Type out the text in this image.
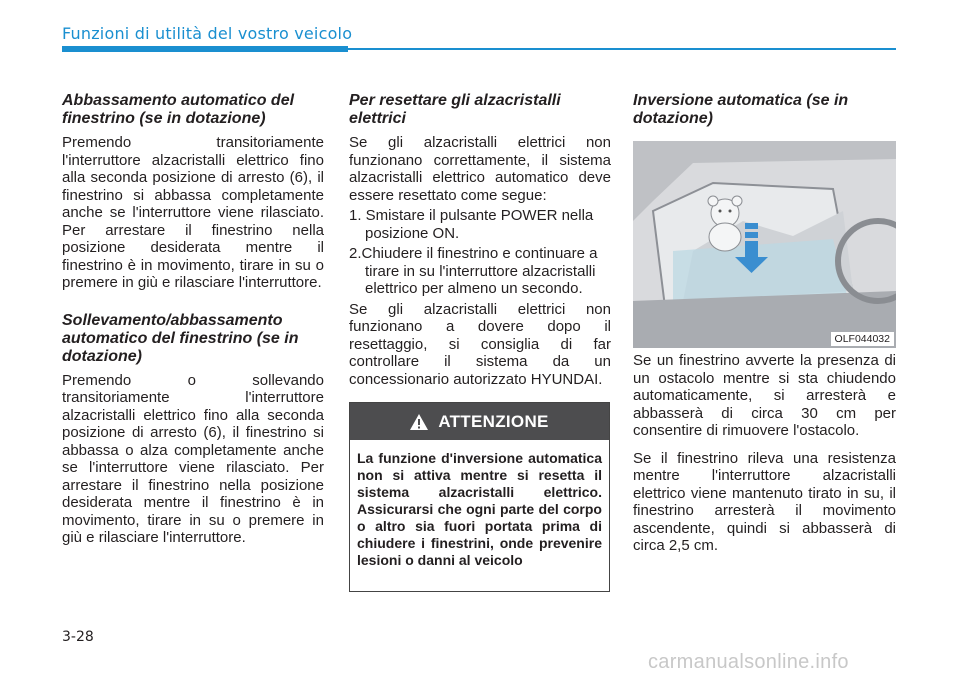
Funzioni di utilità del vostro veicolo
Abbassamento automatico del finestrino (se in dotazione)

Premendo transitoriamente l'interruttore alzacristalli elettrico fino alla seconda posizione di arresto (6), il finestrino si abbassa completamente anche se l'interruttore viene rilasciato. Per arrestare il finestrino nella posizione desiderata mentre il finestrino è in movimento, tirare in su o premere in giù e rilasciare l'interruttore.

Sollevamento/abbassamento automatico del finestrino (se in dotazione)

Premendo o sollevando transitoriamente l'interruttore alzacristalli elettrico fino alla seconda posizione di arresto (6), il finestrino si abbassa o alza completamente anche se l'interruttore viene rilasciato. Per arrestare il finestrino nella posizione desiderata mentre il finestrino è in movimento, tirare in su o premere in giù e rilasciare l'interruttore.

Per resettare gli alzacristalli elettrici

Se gli alzacristalli elettrici non funzionano correttamente, il sistema alzacristalli elettrico automatico deve essere resettato come segue:

1. Smistare il pulsante POWER nella posizione ON.
2.Chiudere il finestrino e continuare a tirare in su l'interruttore alzacristalli elettrico per almeno un secondo.

Se gli alzacristalli elettrici non funzionano a dovere dopo il resettaggio, si consiglia di far controllare il sistema da un concessionario autorizzato HYUNDAI.

ATTENZIONE
La funzione d'inversione automatica non si attiva mentre si resetta il sistema alzacristalli elettrico. Assicurarsi che ogni parte del corpo o altro sia fuori portata prima di chiudere i finestrini, onde prevenire lesioni o danni al veicolo
Inversione automatica (se in dotazione)
OLF044032

Se un finestrino avverte la presenza di un ostacolo mentre si sta chiudendo automaticamente, si arresterà e abbasserà di circa 30 cm per consentire di rimuovere l'ostacolo.

Se il finestrino rileva una resistenza mentre l'interruttore alzacristalli elettrico viene mantenuto tirato in su, il finestrino arresterà il movimento ascendente, quindi si abbasserà di circa 2,5 cm.

3-28
carmanualsonline.info
